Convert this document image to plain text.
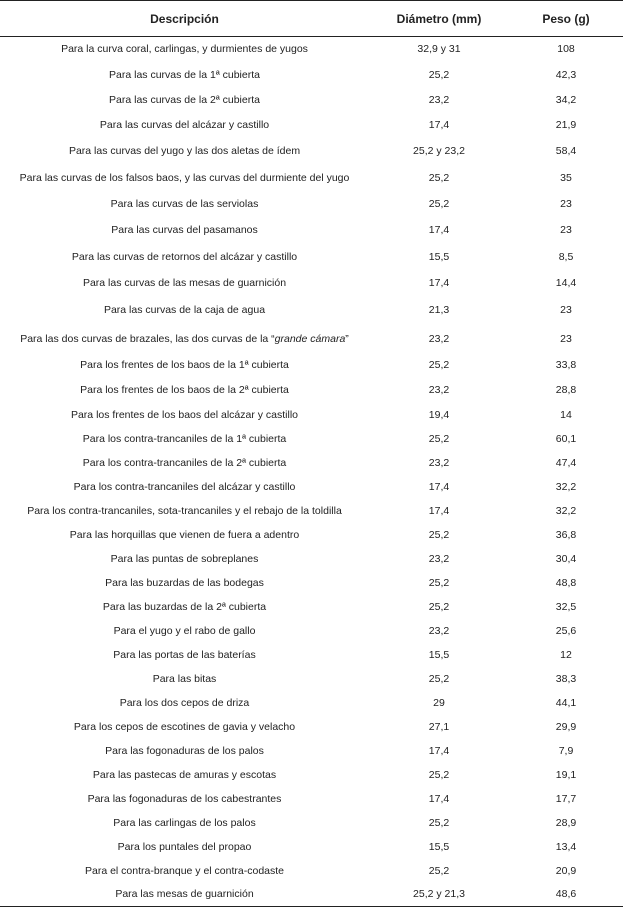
Descripción	Diámetro (mm)	Peso (g)
Para la curva coral, carlingas, y durmientes de yugos	32,9 y 31	108
Para las curvas de la 1ª cubierta	25,2	42,3
Para las curvas de la 2ª cubierta	23,2	34,2
Para las curvas del alcázar y castillo	17,4	21,9
Para las curvas del yugo y las dos aletas de ídem	25,2 y 23,2	58,4
Para las curvas de los falsos baos, y las curvas del durmiente del yugo	25,2	35
Para las curvas de las serviolas	25,2	23
Para las curvas del pasamanos	17,4	23
Para las curvas de retornos del alcázar y castillo	15,5	8,5
Para las curvas de las mesas de guarnición	17,4	14,4
Para las curvas de la caja de agua	21,3	23
Para las dos curvas de brazales, las dos curvas de la “grande cámara”	23,2	23
Para los frentes de los baos de la 1ª cubierta	25,2	33,8
Para los frentes de los baos de la 2ª cubierta	23,2	28,8
Para los frentes de los baos del alcázar y castillo	19,4	14
Para los contra-trancaniles de la 1ª cubierta	25,2	60,1
Para los contra-trancaniles de la 2ª cubierta	23,2	47,4
Para los contra-trancaniles del alcázar y castillo	17,4	32,2
Para los contra-trancaniles, sota-trancaniles y el rebajo de la toldilla	17,4	32,2
Para las horquillas que vienen de fuera a adentro	25,2	36,8
Para las puntas de sobreplanes	23,2	30,4
Para las buzardas de las bodegas	25,2	48,8
Para las buzardas de la 2ª cubierta	25,2	32,5
Para el yugo y el rabo de gallo	23,2	25,6
Para las portas de las baterías	15,5	12
Para las bitas	25,2	38,3
Para los dos cepos de driza	29	44,1
Para los cepos de escotines de gavia y velacho	27,1	29,9
Para las fogonaduras de los palos	17,4	7,9
Para las pastecas de amuras y escotas	25,2	19,1
Para las fogonaduras de los cabestrantes	17,4	17,7
Para las carlingas de los palos	25,2	28,9
Para los puntales del propao	15,5	13,4
Para el contra-branque y el contra-codaste	25,2	20,9
Para las mesas de guarnición	25,2 y 21,3	48,6
